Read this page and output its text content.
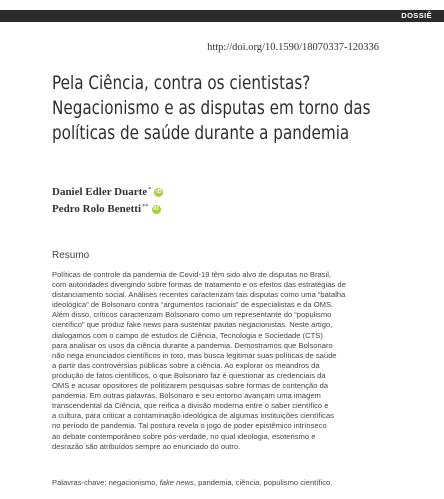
DOSSIÊ
http://doi.org/10.1590/18070337-120336
Pela Ciência, contra os cientistas?
Negacionismo e as disputas em torno das
políticas de saúde durante a pandemia
Daniel Edler Duarte* iD
Pedro Rolo Benetti** iD
Resumo
Políticas de controle da pandemia de Covid-19 têm sido alvo de disputas no Brasil,
com autoridades divergindo sobre formas de tratamento e os efeitos das estratégias de
distanciamento social. Análises recentes caracterizam tais disputas como uma “batalha
ideológica” de Bolsonaro contra “argumentos racionais” de especialistas e da OMS.
Além disso, críticos caracterizam Bolsonaro como um representante do “populismo
científico” que produz fake news para sustentar pautas negacionistas. Neste artigo,
dialogamos com o campo de estudos de Ciência, Tecnologia e Sociedade (CTS)
para analisar os usos da ciência durante a pandemia. Demostramos que Bolsonaro
não nega enunciados científicos in toto, mas busca legitimar suas políticas de saúde
a partir das controvérsias públicas sobre a ciência. Ao explorar os meandros da
produção de fatos científicos, o que Bolsonaro faz é questionar as credenciais da
OMS e acusar opositores de politizarem pesquisas sobre formas de contenção da
pandemia. Em outras palavras, Bolsonaro e seu entorno avançam uma imagem
transcendental da Ciência, que reifica a divisão moderna entre o saber científico e
a cultura, para criticar a contaminação ideológica de algumas instituições científicas
no período de pandemia. Tal postura revela o jogo de poder epistêmico intrínseco
ao debate contemporâneo sobre pós-verdade, no qual ideologia, esoterismo e
desrazão são atribuídos sempre ao enunciado do outro.
Palavras-chave: negacionismo, fake news, pandemia, ciência, populismo científico.
